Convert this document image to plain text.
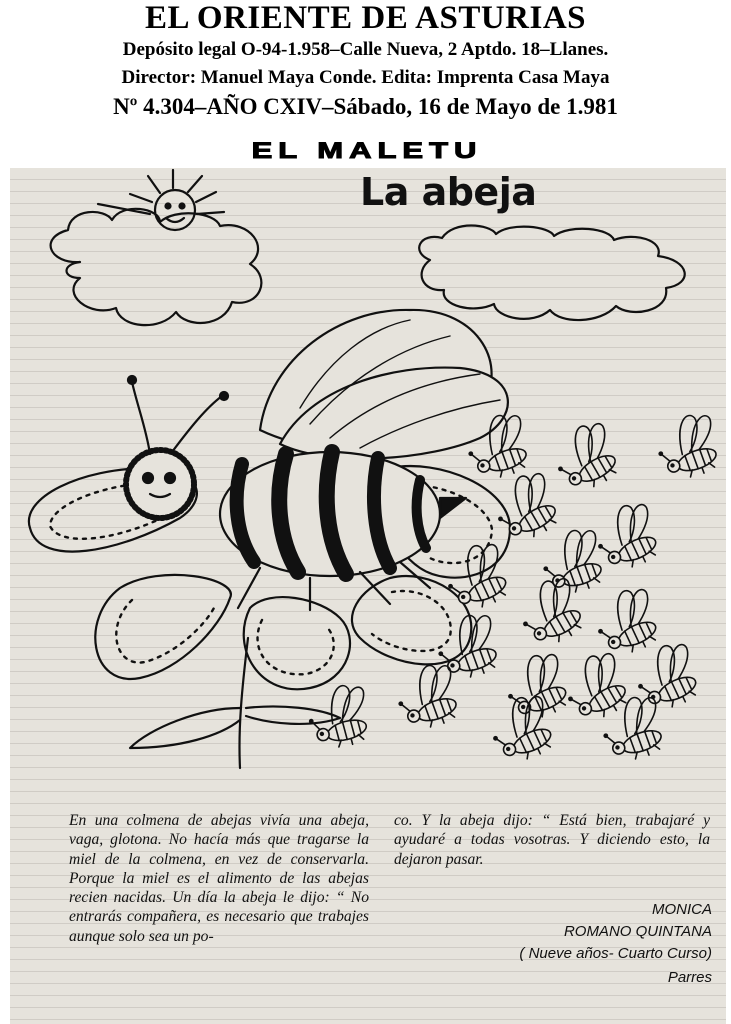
EL ORIENTE DE ASTURIAS
Depósito legal O-94-1.958–Calle Nueva, 2 Aptdo. 18–Llanes.
Director: Manuel Maya Conde. Edita: Imprenta Casa Maya
Nº 4.304–AÑO CXIV–Sábado, 16 de Mayo de 1.981
EL MALETU
La abeja
En una colmena de abejas vivía una abeja, vaga, glotona. No hacía más que tragarse la miel de la colmena, en vez de conservarla. Porque la miel es el alimento de las abejas recien nacidas. Un día la abeja le dijo: “ No entrarás compañera, es necesario que trabajes aunque solo sea un po-
co. Y la abeja dijo: “ Está bien, trabajaré y ayudaré a todas vosotras. Y diciendo esto, la dejaron pasar.
MONICA
ROMANO QUINTANA
( Nueve años- Cuarto Curso)
Parres
